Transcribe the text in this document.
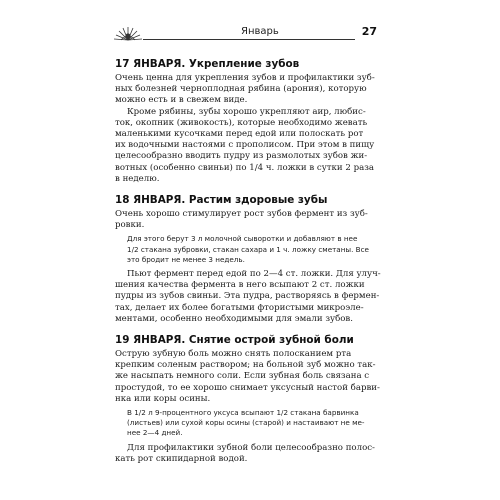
Январь	27
17 ЯНВАРЯ. Укрепление зубов
Очень ценна для укрепления зубов и профилактики зуб-
ных болезней черноплодная рябина (арония), которую
можно есть и в свежем виде.
Кроме рябины, зубы хорошо укрепляют аир, любис-
ток, окопник (живокость), которые необходимо жевать
маленькими кусочками перед едой или полоскать рот
их водочными настоями с прополисом. При этом в пищу
целесообразно вводить пудру из размолотых зубов жи-
вотных (особенно свиньи) по 1/4 ч. ложки в сутки 2 раза
в неделю.
18 ЯНВАРЯ. Растим здоровые зубы
Очень хорошо стимулирует рост зубов фермент из зуб-
ровки.
Для этого берут 3 л молочной сыворотки и добавляют в нее
1/2 стакана зубровки, стакан сахара и 1 ч. ложку сметаны. Все
это бродит не менее 3 недель.
Пьют фермент перед едой по 2—4 ст. ложки. Для улуч-
шения качества фермента в него всыпают 2 ст. ложки
пудры из зубов свиньи. Эта пудра, растворяясь в фермен-
тах, делает их более богатыми фтористыми микроэле-
ментами, особенно необходимыми для эмали зубов.
19 ЯНВАРЯ. Снятие острой зубной боли
Острую зубную боль можно снять полосканием рта
крепким соленым раствором; на больной зуб можно так-
же насыпать немного соли. Если зубная боль связана с
простудой, то ее хорошо снимает уксусный настой барви-
нка или коры осины.
В 1/2 л 9-процентного уксуса всыпают 1/2 стакана барвинка
(листьев) или сухой коры осины (старой) и настаивают не ме-
нее 2—4 дней.
Для профилактики зубной боли целесообразно полос-
кать рот скипидарной водой.
